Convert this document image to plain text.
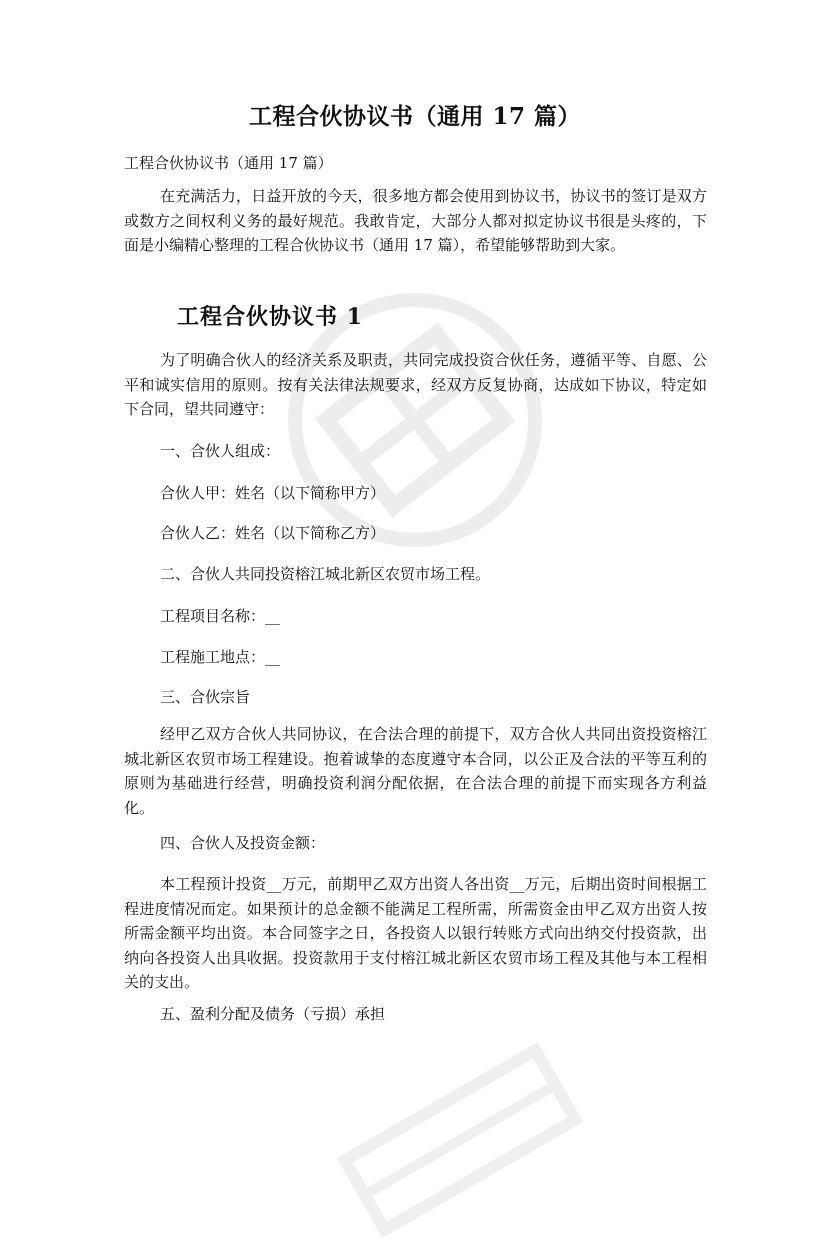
工程合伙协议书（通用 17 篇）

工程合伙协议书（通用 17 篇）

在充满活力，日益开放的今天，很多地方都会使用到协议书，协议书的签订是双方或数方之间权利义务的最好规范。我敢肯定，大部分人都对拟定协议书很是头疼的，下面是小编精心整理的工程合伙协议书（通用 17 篇），希望能够帮助到大家。

工程合伙协议书 1

为了明确合伙人的经济关系及职责，共同完成投资合伙任务，遵循平等、自愿、公平和诚实信用的原则。按有关法律法规要求，经双方反复协商，达成如下协议，特定如下合同，望共同遵守：

一、合伙人组成：

合伙人甲：姓名（以下简称甲方）

合伙人乙：姓名（以下简称乙方）

二、合伙人共同投资榕江城北新区农贸市场工程。

工程项目名称：__

工程施工地点：__

三、合伙宗旨

经甲乙双方合伙人共同协议，在合法合理的前提下，双方合伙人共同出资投资榕江城北新区农贸市场工程建设。抱着诚挚的态度遵守本合同，以公正及合法的平等互利的原则为基础进行经营，明确投资利润分配依据，在合法合理的前提下而实现各方利益化。

四、合伙人及投资金额：

本工程预计投资__万元，前期甲乙双方出资人各出资__万元，后期出资时间根据工程进度情况而定。如果预计的总金额不能满足工程所需，所需资金由甲乙双方出资人按所需金额平均出资。本合同签字之日，各投资人以银行转账方式向出纳交付投资款，出纳向各投资人出具收据。投资款用于支付榕江城北新区农贸市场工程及其他与本工程相关的支出。

五、盈利分配及债务（亏损）承担
